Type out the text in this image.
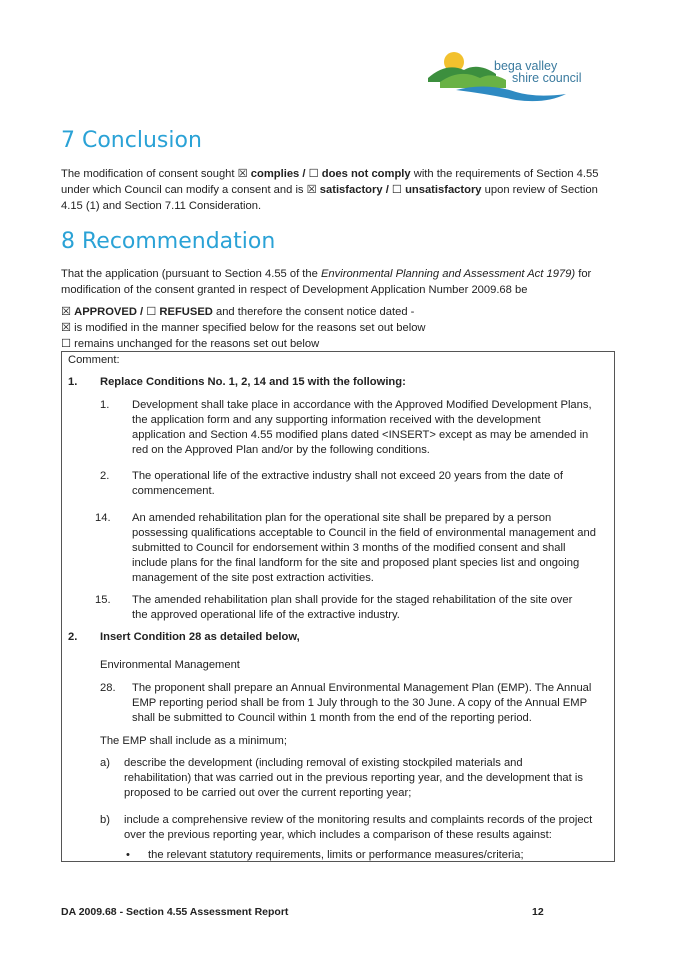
bega valley
shire council
7 Conclusion
The modification of consent sought ☒ complies / ☐ does not comply with the requirements of Section 4.55
under which Council can modify a consent and is ☒ satisfactory / ☐ unsatisfactory upon review of Section
4.15 (1) and Section 7.11 Consideration.
8 Recommendation
That the application (pursuant to Section 4.55 of the Environmental Planning and Assessment Act 1979) for
modification of the consent granted in respect of Development Application Number 2009.68 be
☒ APPROVED / ☐ REFUSED and therefore the consent notice dated -
☒ is modified in the manner specified below for the reasons set out below
☐ remains unchanged for the reasons set out below
Comment:
1. Replace Conditions No. 1, 2, 14 and 15 with the following:
1. Development shall take place in accordance with the Approved Modified Development Plans,
the application form and any supporting information received with the development
application and Section 4.55 modified plans dated <INSERT> except as may be amended in
red on the Approved Plan and/or by the following conditions.
2. The operational life of the extractive industry shall not exceed 20 years from the date of
commencement.
14. An amended rehabilitation plan for the operational site shall be prepared by a person
possessing qualifications acceptable to Council in the field of environmental management and
submitted to Council for endorsement within 3 months of the modified consent and shall
include plans for the final landform for the site and proposed plant species list and ongoing
management of the site post extraction activities.
15. The amended rehabilitation plan shall provide for the staged rehabilitation of the site over
the approved operational life of the extractive industry.
2. Insert Condition 28 as detailed below,
Environmental Management
28. The proponent shall prepare an Annual Environmental Management Plan (EMP). The Annual
EMP reporting period shall be from 1 July through to the 30 June. A copy of the Annual EMP
shall be submitted to Council within 1 month from the end of the reporting period.
The EMP shall include as a minimum;
a) describe the development (including removal of existing stockpiled materials and
rehabilitation) that was carried out in the previous reporting year, and the development that is
proposed to be carried out over the current reporting year;
b) include a comprehensive review of the monitoring results and complaints records of the project
over the previous reporting year, which includes a comparison of these results against:
• the relevant statutory requirements, limits or performance measures/criteria;
DA 2009.68 - Section 4.55 Assessment Report	12
